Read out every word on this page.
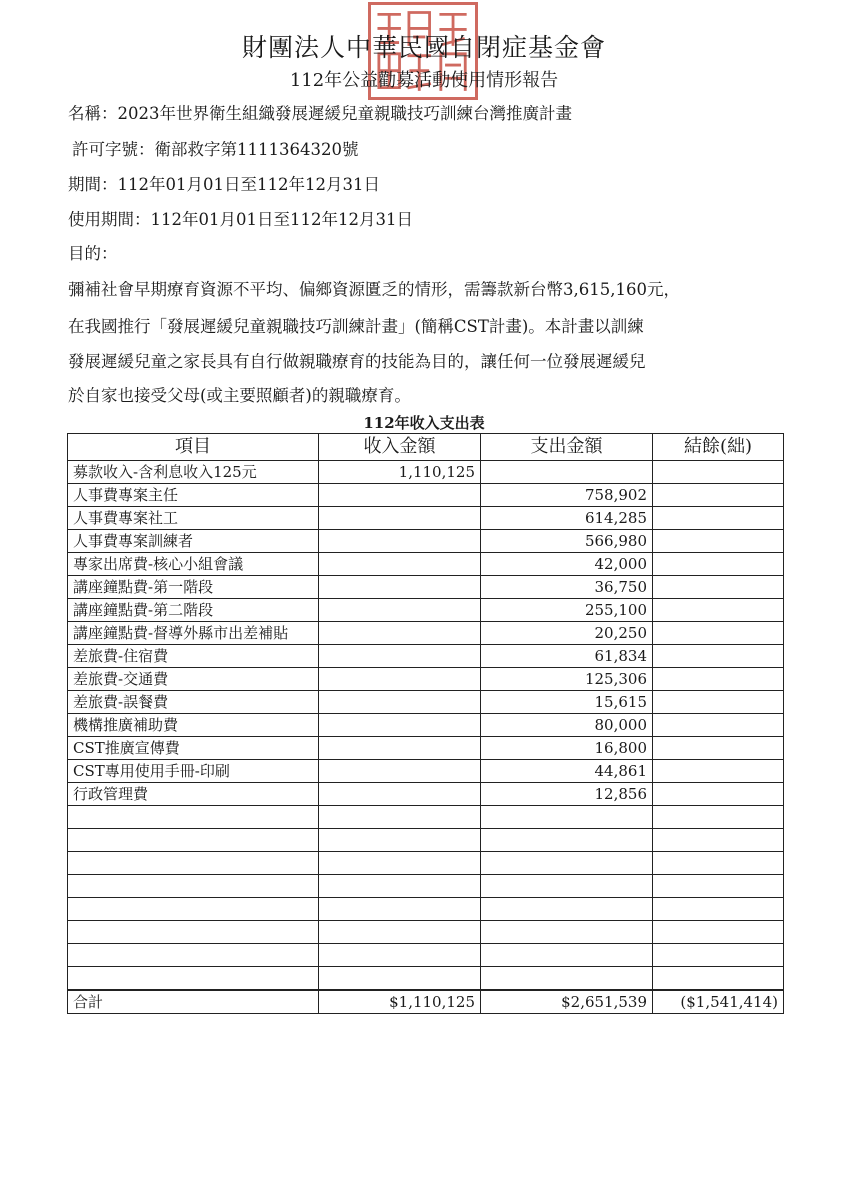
財團法人中華民國自閉症基金會
112年公益勸募活動使用情形報告
名稱：2023年世界衛生組織發展遲緩兒童親職技巧訓練台灣推廣計畫
許可字號：衛部救字第1111364320號
期間：112年01月01日至112年12月31日
使用期間：112年01月01日至112年12月31日
目的：
彌補社會早期療育資源不平均、偏鄉資源匱乏的情形，需籌款新台幣3,615,160元，
在我國推行「發展遲緩兒童親職技巧訓練計畫」(簡稱CST計畫)。本計畫以訓練
發展遲緩兒童之家長具有自行做親職療育的技能為目的，讓任何一位發展遲緩兒
於自家也接受父母(或主要照顧者)的親職療育。
112年收入支出表
項目	收入金額	支出金額	結餘(絀)
募款收入-含利息收入125元	1,110,125		
人事費專案主任		758,902	
人事費專案社工		614,285	
人事費專案訓練者		566,980	
專家出席費-核心小組會議		42,000	
講座鐘點費-第一階段		36,750	
講座鐘點費-第二階段		255,100	
講座鐘點費-督導外縣市出差補貼		20,250	
差旅費-住宿費		61,834	
差旅費-交通費		125,306	
差旅費-誤餐費		15,615	
機構推廣補助費		80,000	
CST推廣宣傳費		16,800	
CST專用使用手冊-印刷		44,861	
行政管理費		12,856	

合計	$1,110,125	$2,651,539	($1,541,414)
